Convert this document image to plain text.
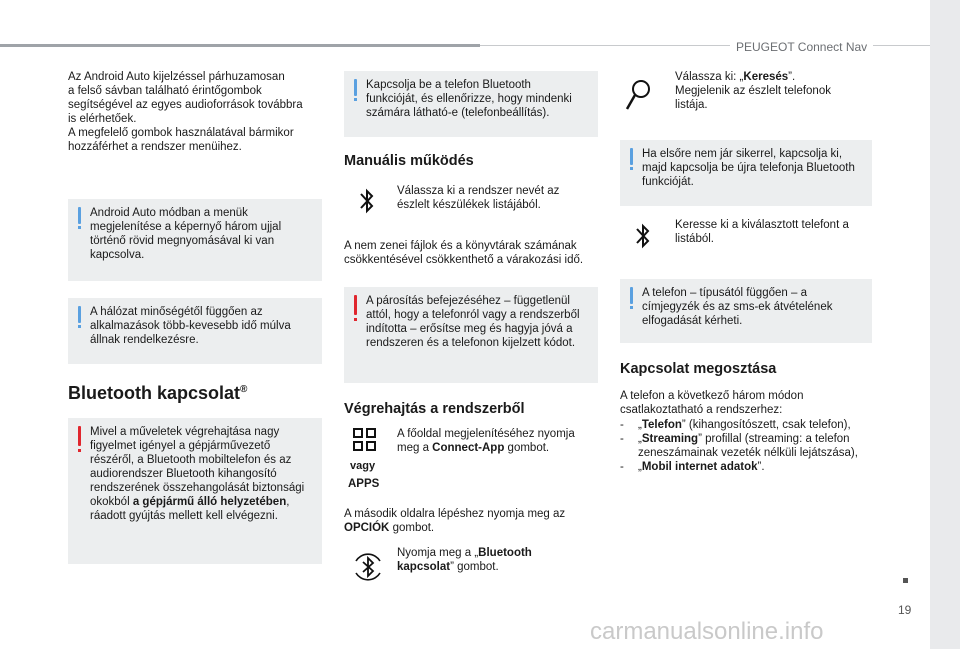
PEUGEOT Connect Nav
19
carmanualsonline.info
Az Android Auto kijelzéssel párhuzamosan
a felső sávban található érintőgombok
segítségével az egyes audioforrások továbbra
is elérhetőek.
A megfelelő gombok használatával bármikor
hozzáférhet a rendszer menüihez.
Android Auto módban a menük
megjelenítése a képernyő három ujjal
történő rövid megnyomásával ki van
kapcsolva.
A hálózat minőségétől függően az
alkalmazások több-kevesebb idő múlva
állnak rendelkezésre.
Bluetooth kapcsolat®
Mivel a műveletek végrehajtása nagy
figyelmet igényel a gépjárművezető
részéről, a Bluetooth mobiltelefon és az
audiorendszer Bluetooth kihangosító
rendszerének összehangolását biztonsági
okokból a gépjármű álló helyzetében,
ráadott gyújtás mellett kell elvégezni.
Kapcsolja be a telefon Bluetooth
funkcióját, és ellenőrizze, hogy mindenki
számára látható-e (telefonbeállítás).
Manuális működés
Válassza ki a rendszer nevét az
észlelt készülékek listájából.
A nem zenei fájlok és a könyvtárak számának
csökkentésével csökkenthető a várakozási idő.
A párosítás befejezéséhez – függetlenül
attól, hogy a telefonról vagy a rendszerből
indította – erősítse meg és hagyja jóvá a
rendszeren és a telefonon kijelzett kódot.
Végrehajtás a rendszerből
vagy
APPS
A főoldal megjelenítéséhez nyomja
meg a Connect-App gombot.
A második oldalra lépéshez nyomja meg az
OPCIÓK gombot.
Nyomja meg a „Bluetooth
kapcsolat” gombot.
Válassza ki: „Keresés”.
Megjelenik az észlelt telefonok
listája.
Ha elsőre nem jár sikerrel, kapcsolja ki,
majd kapcsolja be újra telefonja Bluetooth
funkcióját.
Keresse ki a kiválasztott telefont a
listából.
A telefon – típusától függően – a
címjegyzék és az sms-ek átvételének
elfogadását kérheti.
Kapcsolat megosztása
A telefon a következő három módon
csatlakoztatható a rendszerhez:
- „Telefon” (kihangosítószett, csak telefon),
- „Streaming” profillal (streaming: a telefon
zeneszámainak vezeték nélküli lejátszása),
- „Mobil internet adatok”.
